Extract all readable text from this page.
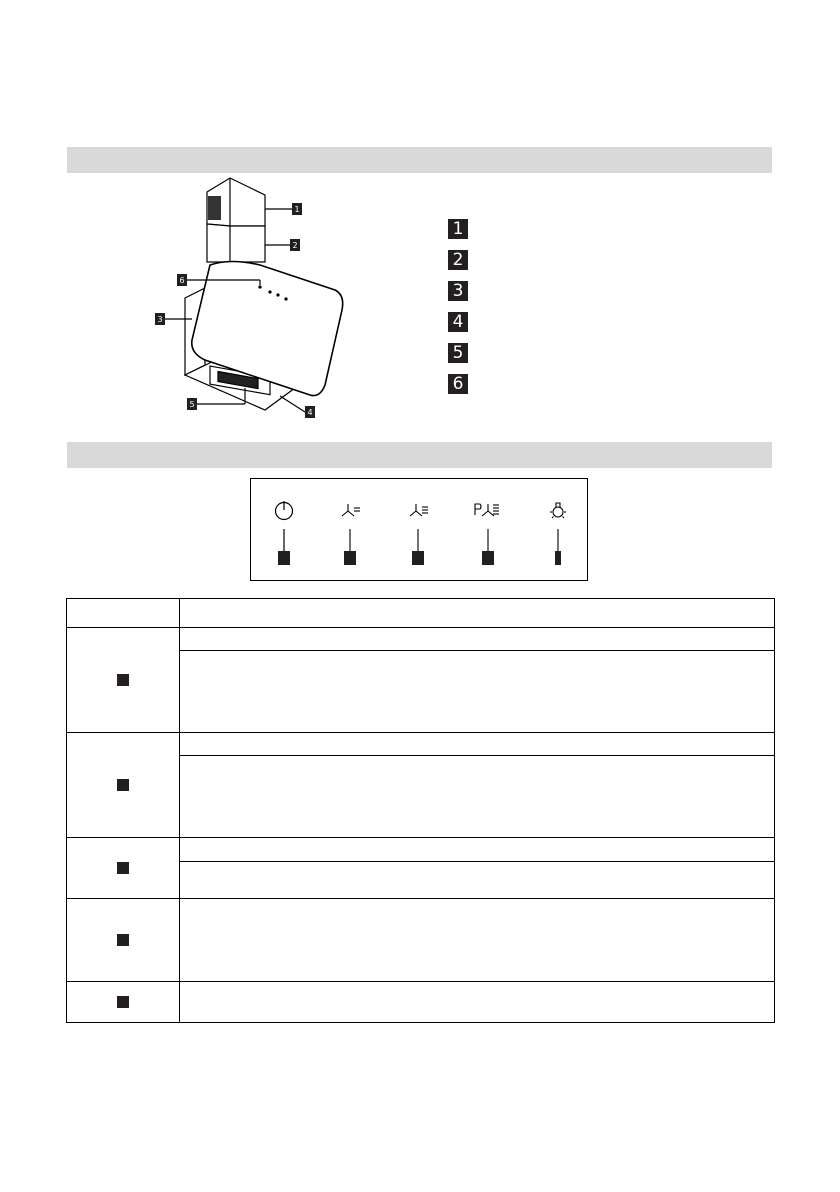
1
2
6
3
4
5
1
2
3
4
5
6
